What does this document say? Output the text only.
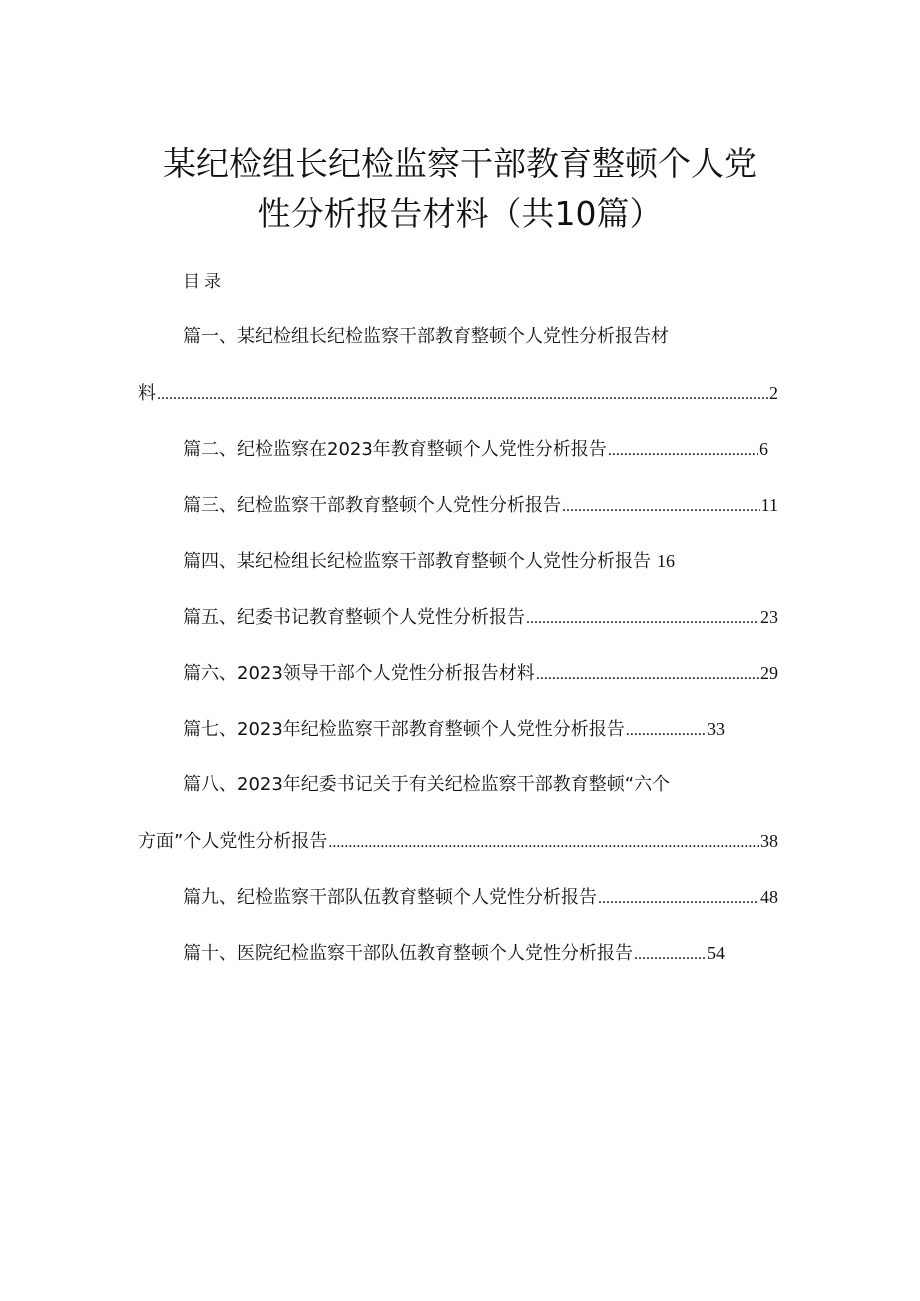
某纪检组长纪检监察干部教育整顿个人党
性分析报告材料（共10篇）
目录
篇一、某纪检组长纪检监察干部教育整顿个人党性分析报告材
料 .....	2
篇二、纪检监察在2023年教育整顿个人党性分析报告 .....	6
篇三、纪检监察干部教育整顿个人党性分析报告 .....	11
篇四、某纪检组长纪检监察干部教育整顿个人党性分析报告 16
篇五、纪委书记教育整顿个人党性分析报告 .....	23
篇六、2023领导干部个人党性分析报告材料 .....	29
篇七、2023年纪检监察干部教育整顿个人党性分析报告 .....	33
篇八、2023年纪委书记关于有关纪检监察干部教育整顿“六个
方面”个人党性分析报告 .....	38
篇九、纪检监察干部队伍教育整顿个人党性分析报告 .....	48
篇十、医院纪检监察干部队伍教育整顿个人党性分析报告 .....	54
